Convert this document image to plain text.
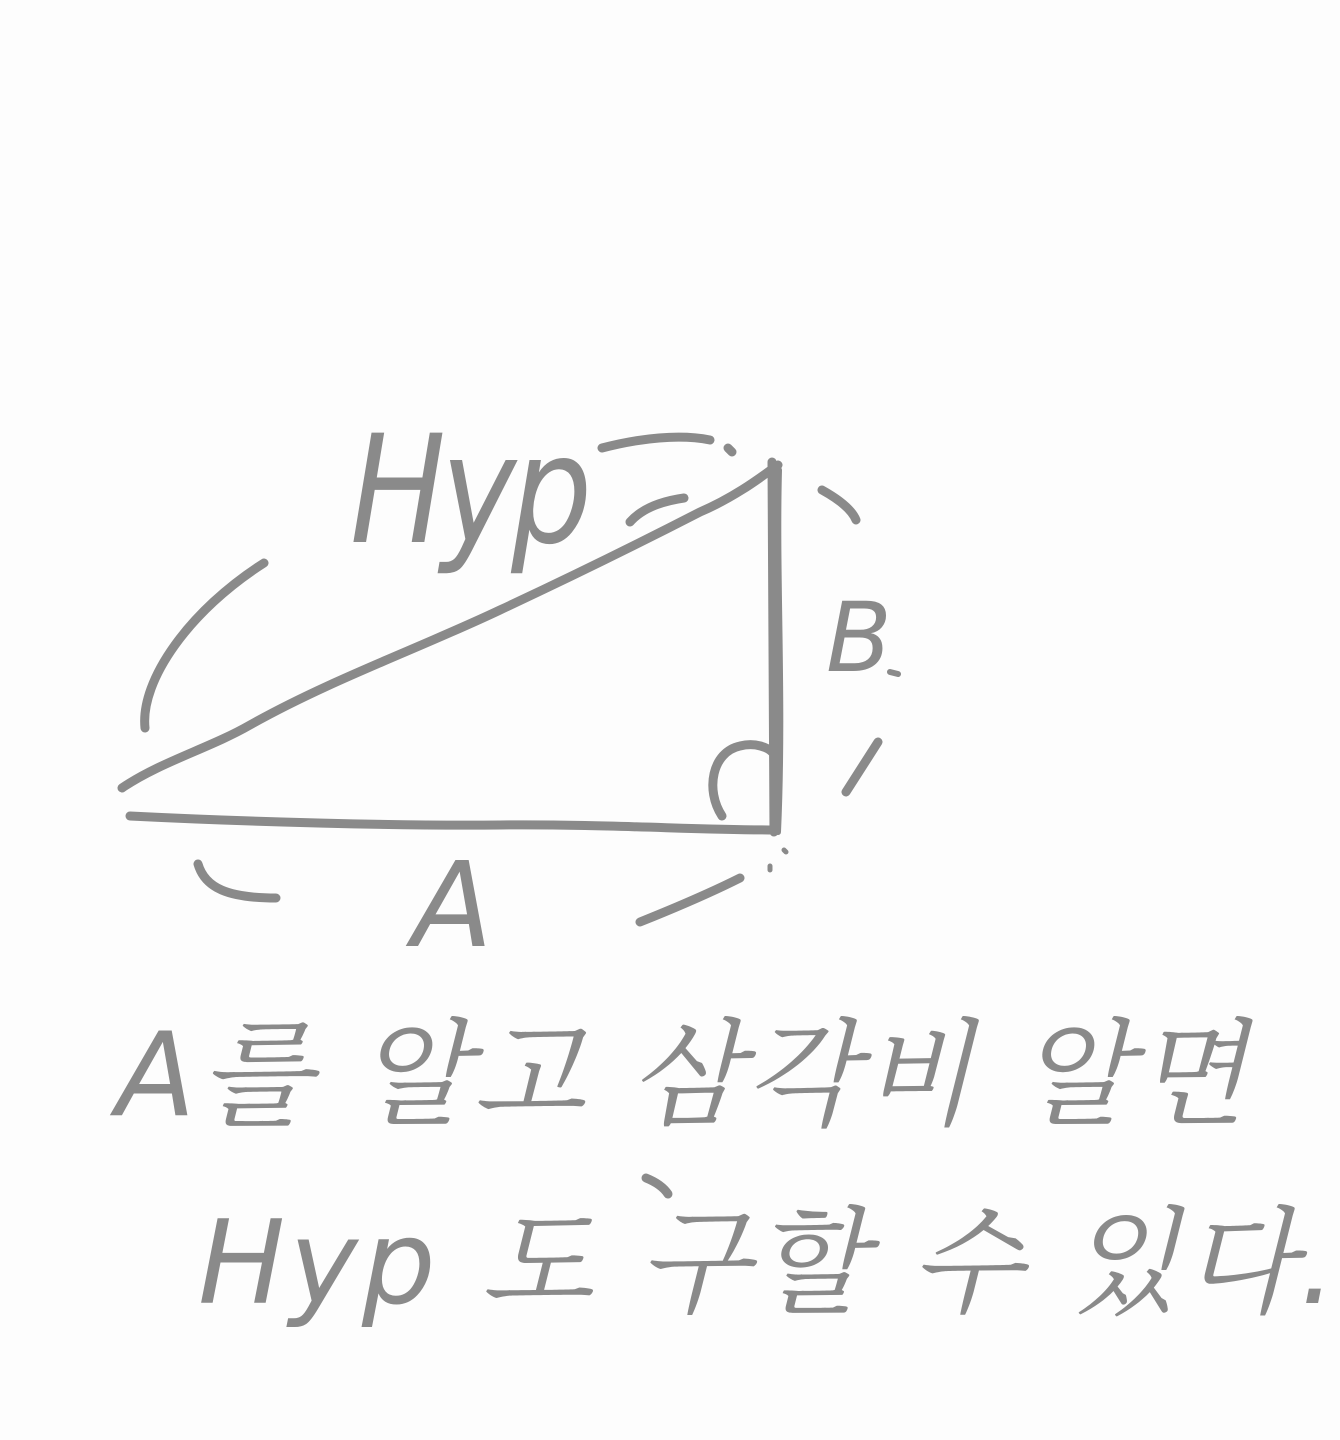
Hyp
B
A
A를 알고 삼각비 알면
Hyp 도 구할 수 있다.
